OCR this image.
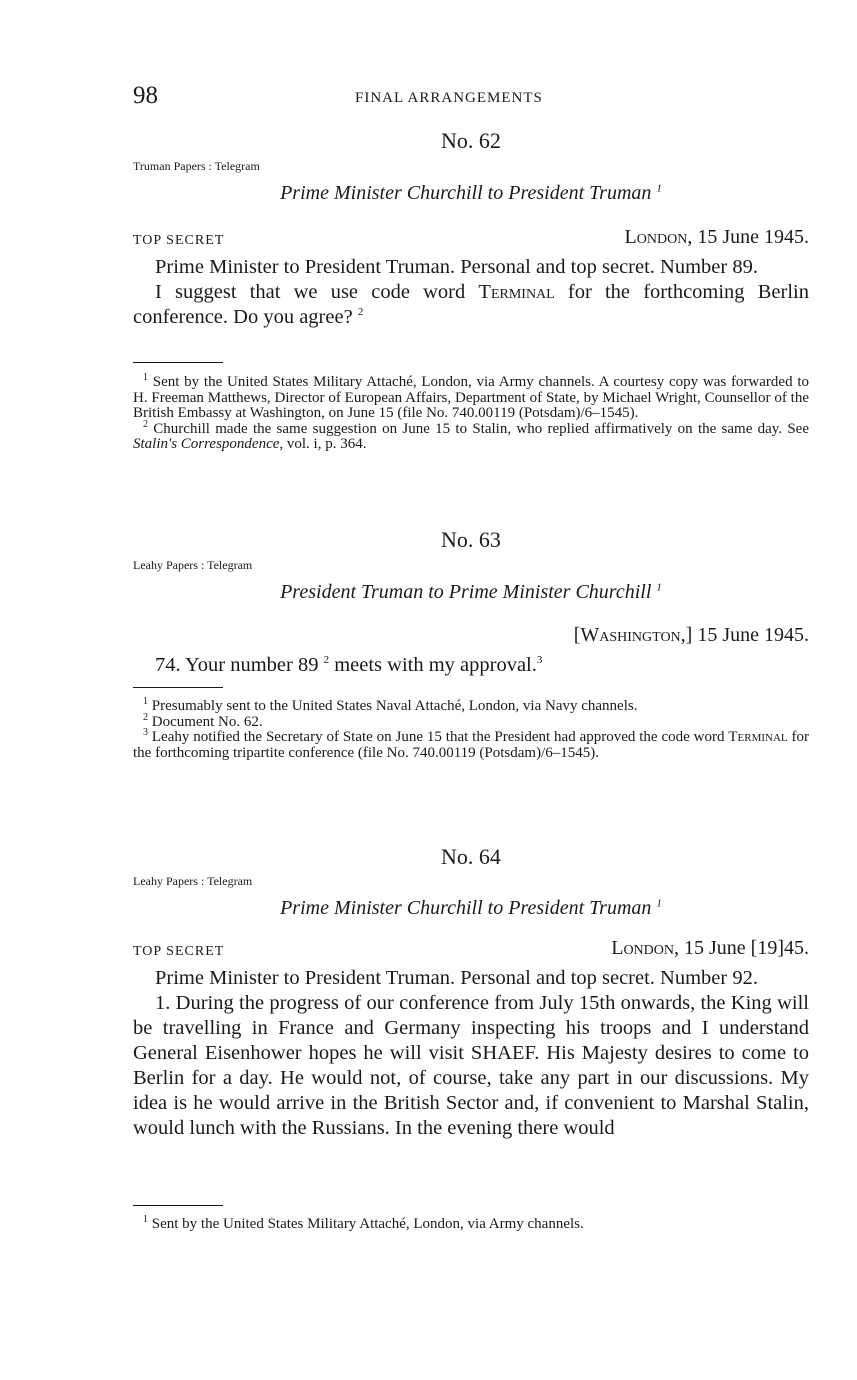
98	FINAL ARRANGEMENTS
No. 62
Truman Papers : Telegram
Prime Minister Churchill to President Truman $^1$
TOP SECRET	London, 15 June 1945.

Prime Minister to President Truman. Personal and top secret. Number 89.

I suggest that we use code word Terminal for the forthcoming Berlin conference. Do you agree? $^2$

$^1$ Sent by the United States Military Attaché, London, via Army channels. A courtesy copy was forwarded to H. Freeman Matthews, Director of European Affairs, Department of State, by Michael Wright, Counsellor of the British Embassy at Washington, on June 15 (file No. 740.00119 (Potsdam)/6–1545).

$^2$ Churchill made the same suggestion on June 15 to Stalin, who replied affirmatively on the same day. See Stalin's Correspondence, vol. i, p. 364.

No. 63
Leahy Papers : Telegram
President Truman to Prime Minister Churchill $^1$
[Washington,] 15 June 1945.

74. Your number 89 $^2$ meets with my approval.$^3$

$^1$ Presumably sent to the United States Naval Attaché, London, via Navy channels.

$^2$ Document No. 62.

$^3$ Leahy notified the Secretary of State on June 15 that the President had approved the code word Terminal for the forthcoming tripartite conference (file No. 740.00119 (Potsdam)/6–1545).

No. 64
Leahy Papers : Telegram
Prime Minister Churchill to President Truman $^1$
TOP SECRET	London, 15 June [19]45.

Prime Minister to President Truman. Personal and top secret. Number 92.

1. During the progress of our conference from July 15th onwards, the King will be travelling in France and Germany inspecting his troops and I understand General Eisenhower hopes he will visit SHAEF. His Majesty desires to come to Berlin for a day. He would not, of course, take any part in our discussions. My idea is he would arrive in the British Sector and, if convenient to Marshal Stalin, would lunch with the Russians. In the evening there would

$^1$ Sent by the United States Military Attaché, London, via Army channels.
